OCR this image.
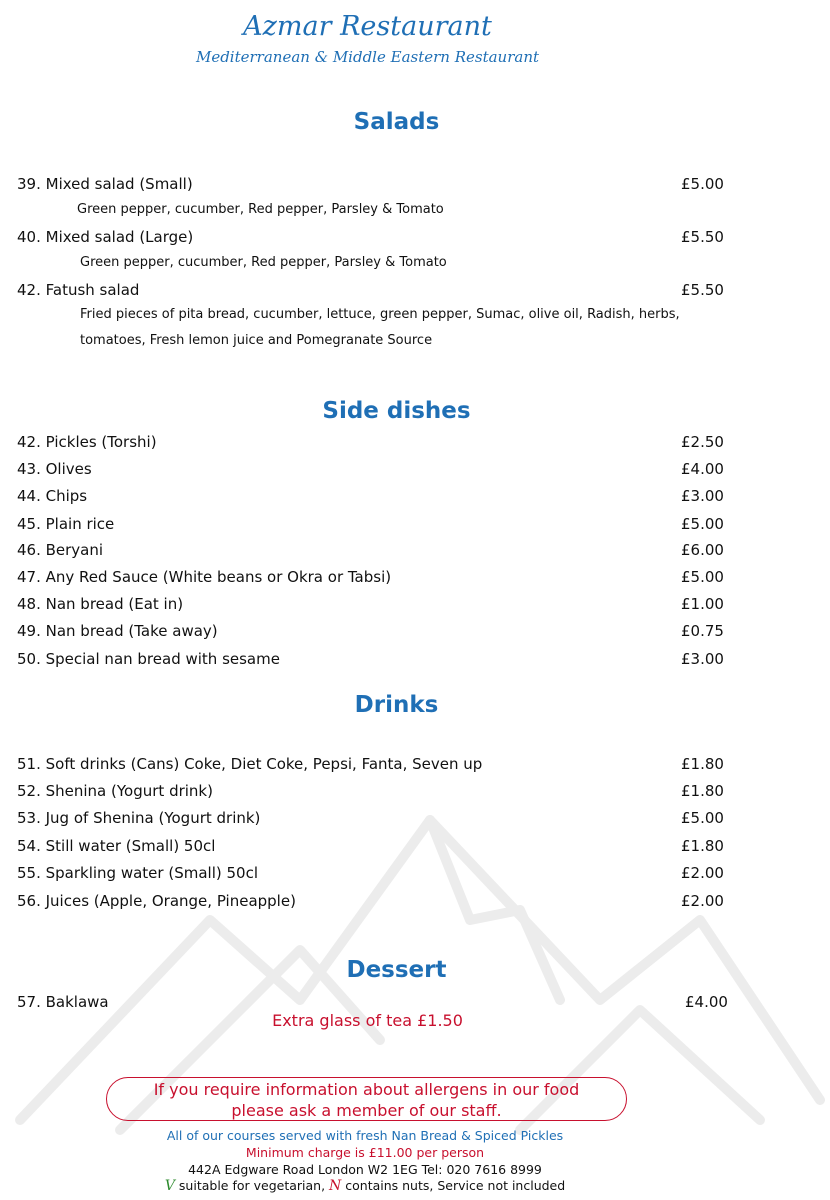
Azmar Restaurant
Mediterranean & Middle Eastern Restaurant
Salads
39. Mixed salad (Small)	£5.00
Green pepper, cucumber, Red pepper, Parsley & Tomato
40. Mixed salad (Large)	£5.50
Green pepper, cucumber, Red pepper, Parsley & Tomato
42. Fatush salad	£5.50
Fried pieces of pita bread, cucumber, lettuce, green pepper, Sumac, olive oil, Radish, herbs,
tomatoes, Fresh lemon juice and Pomegranate Source
Side dishes
42. Pickles (Torshi)	£2.50
43. Olives	£4.00
44. Chips	£3.00
45. Plain rice	£5.00
46. Beryani	£6.00
47. Any Red Sauce (White beans or Okra or Tabsi)	£5.00
48. Nan bread (Eat in)	£1.00
49. Nan bread (Take away)	£0.75
50. Special nan bread with sesame	£3.00
Drinks
51. Soft drinks (Cans) Coke, Diet Coke, Pepsi, Fanta, Seven up	£1.80
52. Shenina (Yogurt drink)	£1.80
53. Jug of Shenina (Yogurt drink)	£5.00
54. Still water (Small) 50cl	£1.80
55. Sparkling water (Small) 50cl	£2.00
56. Juices (Apple, Orange, Pineapple)	£2.00
Dessert
57. Baklawa	£4.00
Extra glass of tea £1.50
If you require information about allergens in our food
please ask a member of our staff.
All of our courses served with fresh Nan Bread & Spiced Pickles
Minimum charge is £11.00 per person
442A Edgware Road London W2 1EG Tel: 020 7616 8999
V suitable for vegetarian, N contains nuts, Service not included
